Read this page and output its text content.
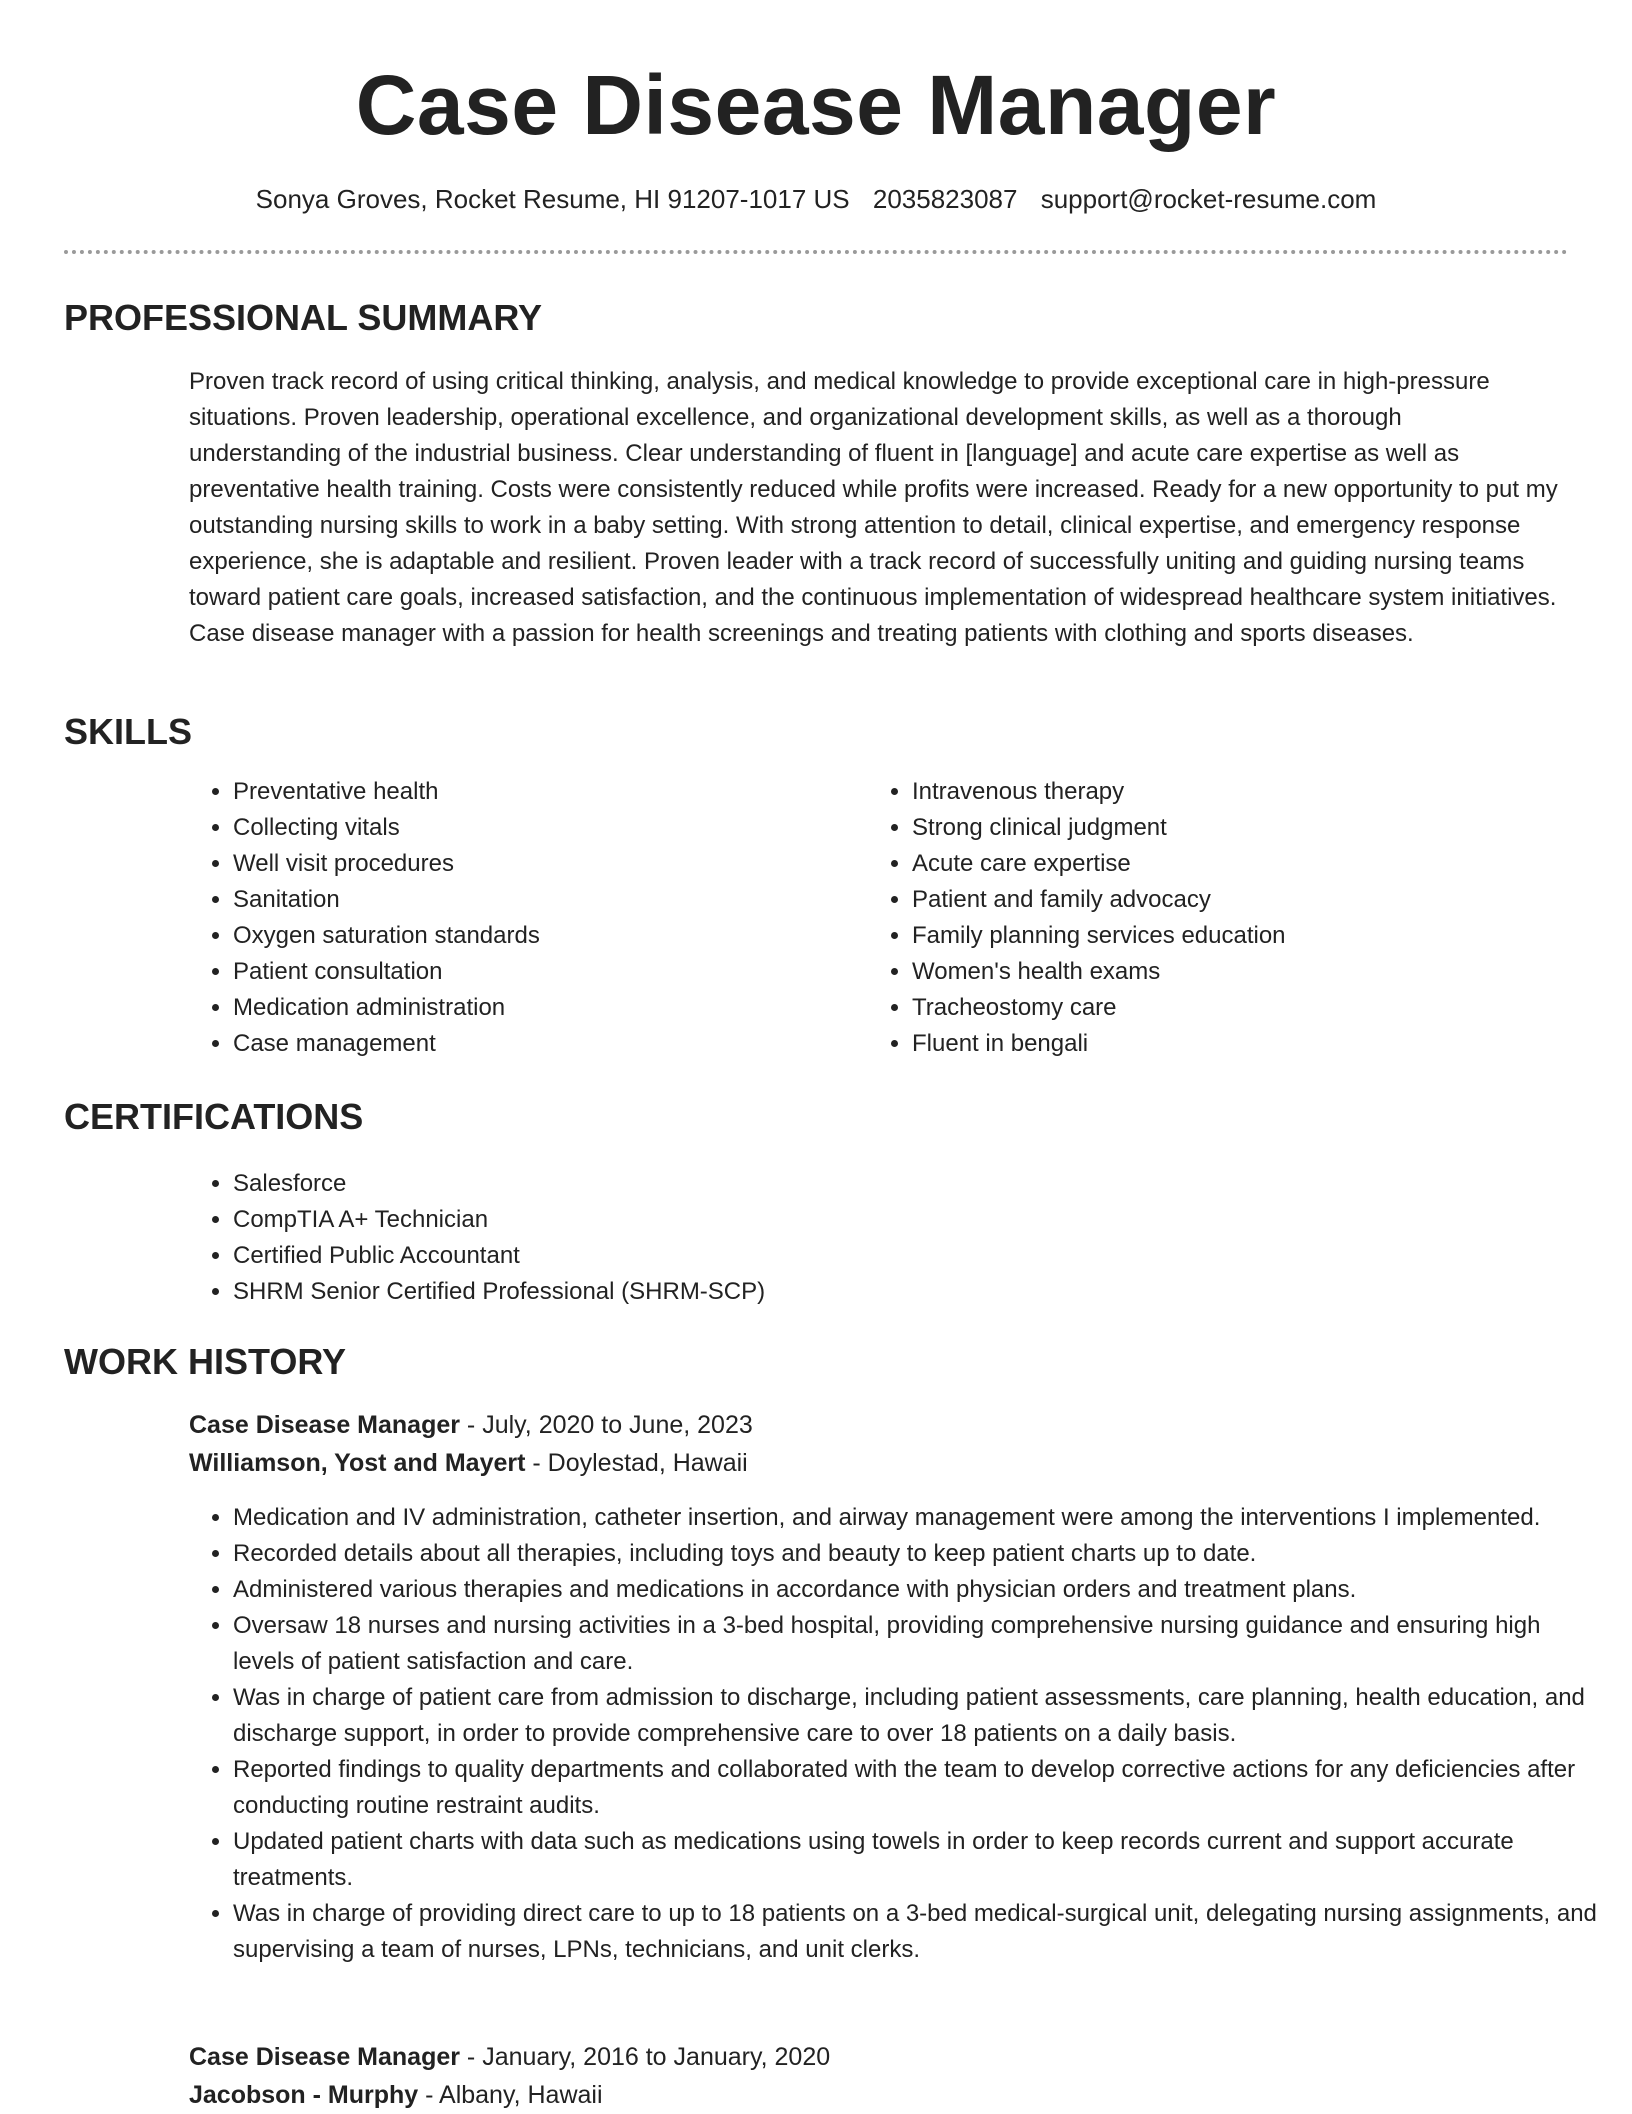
Case Disease Manager
Sonya Groves, Rocket Resume, HI 91207-1017 US 2035823087 support@rocket-resume.com
PROFESSIONAL SUMMARY

Proven track record of using critical thinking, analysis, and medical knowledge to provide exceptional care in high-pressure situations. Proven leadership, operational excellence, and organizational development skills, as well as a thorough understanding of the industrial business. Clear understanding of fluent in [language] and acute care expertise as well as preventative health training. Costs were consistently reduced while profits were increased. Ready for a new opportunity to put my outstanding nursing skills to work in a baby setting. With strong attention to detail, clinical expertise, and emergency response experience, she is adaptable and resilient. Proven leader with a track record of successfully uniting and guiding nursing teams toward patient care goals, increased satisfaction, and the continuous implementation of widespread healthcare system initiatives. Case disease manager with a passion for health screenings and treating patients with clothing and sports diseases.

SKILLS
• Preventative health
• Collecting vitals
• Well visit procedures
• Sanitation
• Oxygen saturation standards
• Patient consultation
• Medication administration
• Case management
• Intravenous therapy
• Strong clinical judgment
• Acute care expertise
• Patient and family advocacy
• Family planning services education
• Women's health exams
• Tracheostomy care
• Fluent in bengali
CERTIFICATIONS
• Salesforce
• CompTIA A+ Technician
• Certified Public Accountant
• SHRM Senior Certified Professional (SHRM-SCP)
WORK HISTORY
Case Disease Manager - July, 2020 to June, 2023
Williamson, Yost and Mayert - Doylestad, Hawaii
• Medication and IV administration, catheter insertion, and airway management were among the interventions I implemented.
• Recorded details about all therapies, including toys and beauty to keep patient charts up to date.
• Administered various therapies and medications in accordance with physician orders and treatment plans.
• Oversaw 18 nurses and nursing activities in a 3-bed hospital, providing comprehensive nursing guidance and ensuring high levels of patient satisfaction and care.
• Was in charge of patient care from admission to discharge, including patient assessments, care planning, health education, and discharge support, in order to provide comprehensive care to over 18 patients on a daily basis.
• Reported findings to quality departments and collaborated with the team to develop corrective actions for any deficiencies after conducting routine restraint audits.
• Updated patient charts with data such as medications using towels in order to keep records current and support accurate treatments.
• Was in charge of providing direct care to up to 18 patients on a 3-bed medical-surgical unit, delegating nursing assignments, and supervising a team of nurses, LPNs, technicians, and unit clerks.
Case Disease Manager - January, 2016 to January, 2020
Jacobson - Murphy - Albany, Hawaii
